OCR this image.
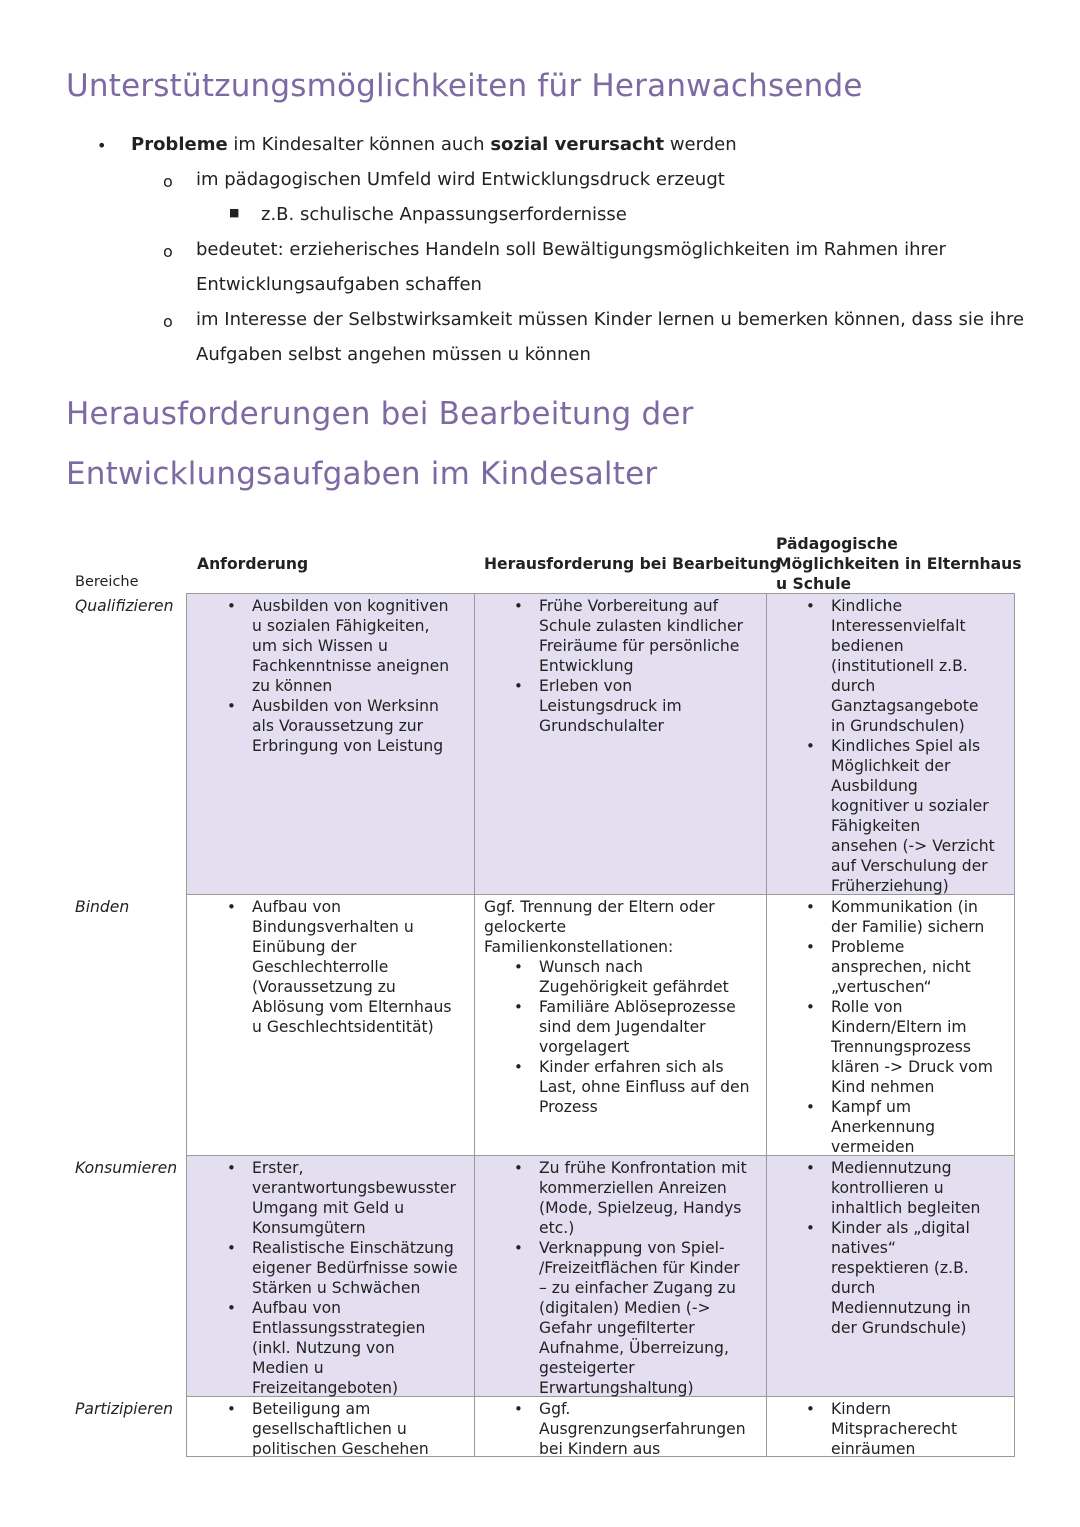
Unterstützungsmöglichkeiten für Heranwachsende
• Probleme im Kindesalter können auch sozial verursacht werden
o im pädagogischen Umfeld wird Entwicklungsdruck erzeugt
■ z.B. schulische Anpassungserfordernisse
o bedeutet: erzieherisches Handeln soll Bewältigungsmöglichkeiten im Rahmen ihrer
Entwicklungsaufgaben schaffen
o im Interesse der Selbstwirksamkeit müssen Kinder lernen u bemerken können, dass sie ihre
Aufgaben selbst angehen müssen u können
Herausforderungen bei Bearbeitung der
Entwicklungsaufgaben im Kindesalter
Bereiche
Anforderung	Herausforderung bei Bearbeitung
Pädagogische
Möglichkeiten in Elternhaus
u Schule
Qualifizieren
Binden
Konsumieren
Partizipieren
• Ausbilden von kognitiven
u sozialen Fähigkeiten,
um sich Wissen u
Fachkenntnisse aneignen
zu können
• Ausbilden von Werksinn
als Voraussetzung zur
Erbringung von Leistung
• Frühe Vorbereitung auf
Schule zulasten kindlicher
Freiräume für persönliche
Entwicklung
• Erleben von
Leistungsdruck im
Grundschulalter
• Kindliche
Interessenvielfalt
bedienen
(institutionell z.B.
durch
Ganztagsangebote
in Grundschulen)
• Kindliches Spiel als
Möglichkeit der
Ausbildung
kognitiver u sozialer
Fähigkeiten
ansehen (-> Verzicht
auf Verschulung der
Früherziehung)
• Aufbau von
Bindungsverhalten u
Einübung der
Geschlechterrolle
(Voraussetzung zu
Ablösung vom Elternhaus
u Geschlechtsidentität)
Ggf. Trennung der Eltern oder
gelockerte
Familienkonstellationen:
• Wunsch nach
Zugehörigkeit gefährdet
• Familiäre Ablöseprozesse
sind dem Jugendalter
vorgelagert
• Kinder erfahren sich als
Last, ohne Einfluss auf den
Prozess
• Kommunikation (in
der Familie) sichern
• Probleme
ansprechen, nicht
„vertuschen“
• Rolle von
Kindern/Eltern im
Trennungsprozess
klären -> Druck vom
Kind nehmen
• Kampf um
Anerkennung
vermeiden
• Erster,
verantwortungsbewusster
Umgang mit Geld u
Konsumgütern
• Realistische Einschätzung
eigener Bedürfnisse sowie
Stärken u Schwächen
• Aufbau von
Entlassungsstrategien
(inkl. Nutzung von
Medien u
Freizeitangeboten)
• Zu frühe Konfrontation mit
kommerziellen Anreizen
(Mode, Spielzeug, Handys
etc.)
• Verknappung von Spiel-
/Freizeitflächen für Kinder
– zu einfacher Zugang zu
(digitalen) Medien (->
Gefahr ungefilterter
Aufnahme, Überreizung,
gesteigerter
Erwartungshaltung)
• Mediennutzung
kontrollieren u
inhaltlich begleiten
• Kinder als „digital
natives“
respektieren (z.B.
durch
Mediennutzung in
der Grundschule)
• Beteiligung am
gesellschaftlichen u
politischen Geschehen
• Ggf.
Ausgrenzungserfahrungen
bei Kindern aus
• Kindern
Mitspracherecht
einräumen
